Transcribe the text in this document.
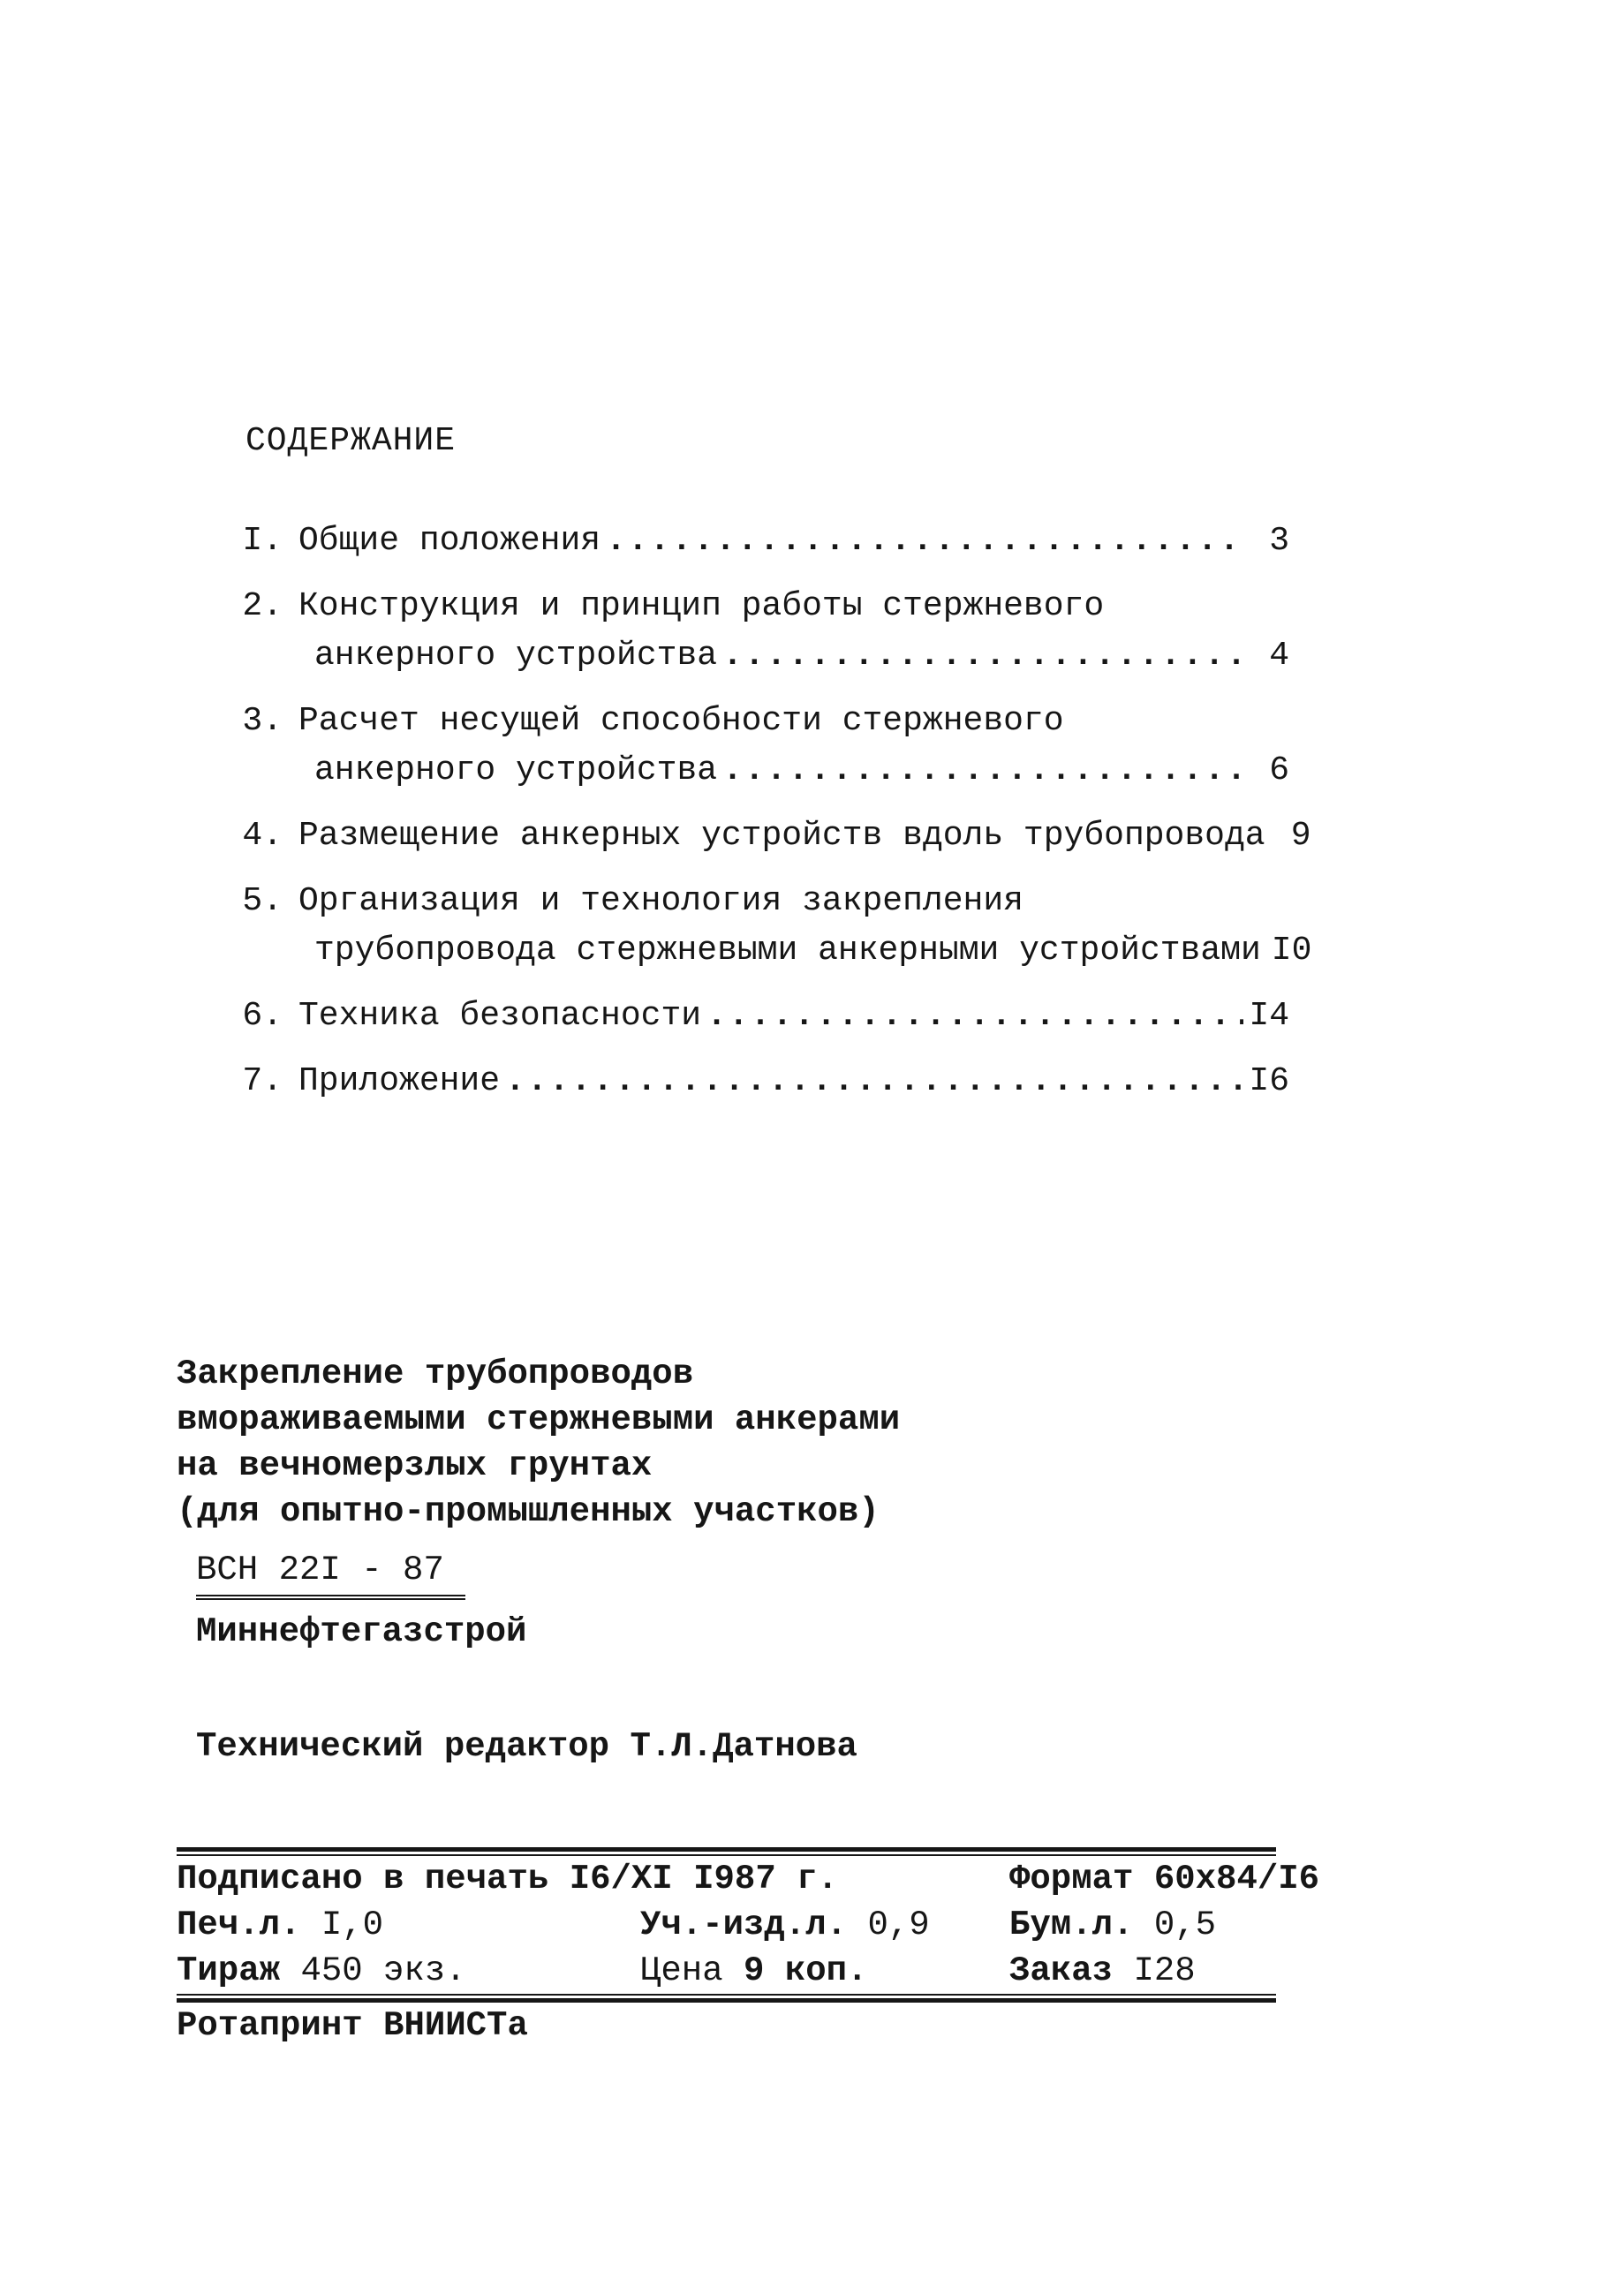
СОДЕРЖАНИЕ
I. Общие положения .....	3
2. Конструкция и принцип работы стержневого
анкерного устройства .....	4
3. Расчет несущей способности стержневого
анкерного устройства .....	6
4. Размещение анкерных устройств вдоль трубопровода 9
5. Организация и технология закрепления
трубопровода стержневыми анкерными устройствами I0
6. Техника безопасности .....	I4
7. Приложение .....	I6
Закрепление трубопроводов
вмораживаемыми стержневыми анкерами
на вечномерзлых грунтах
(для опытно-промышленных участков)
ВСН 22I - 87
Миннефтегазстрой
Технический редактор Т.Л.Датнова
Подписано в печать I6/XI I987 г.	Формат 60х84/I6
Печ.л. I,0	Уч.-изд.л. 0,9	Бум.л. 0,5
Тираж 450 экз.	Цена 9 коп.	Заказ I28
Ротапринт ВНИИСТа
